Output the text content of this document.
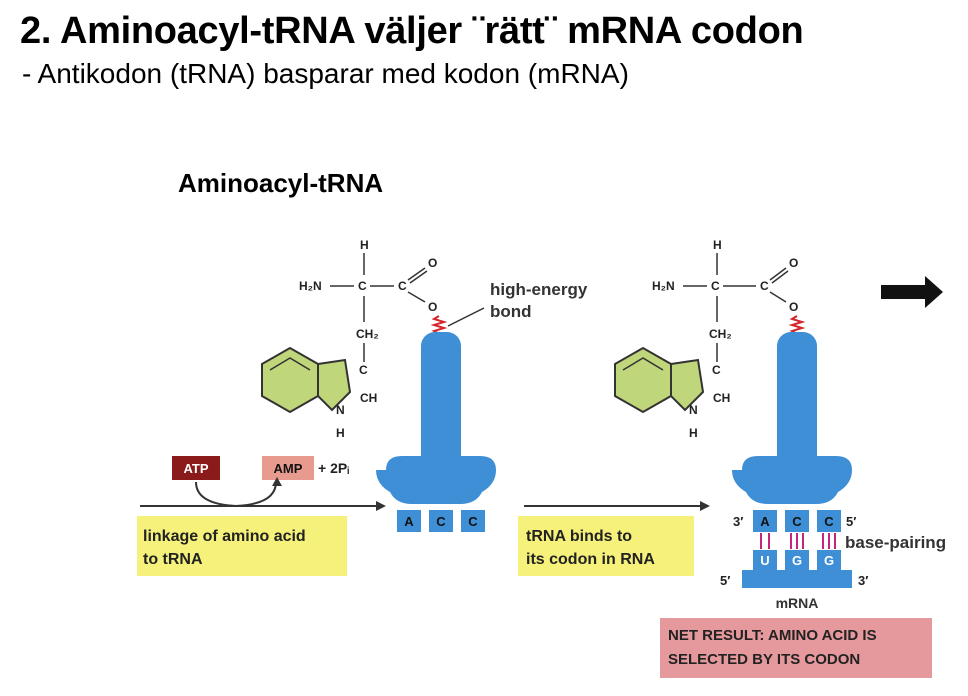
2. Aminoacyl-tRNA väljer ¨rätt¨ mRNA codon
- Antikodon (tRNA) basparar med kodon (mRNA)
Aminoacyl-tRNA
H
H₂N	C	C
O
O
CH₂
C
CH
N
H
high-energy
bond
A C C
ATP	AMP + 2Pᵢ
linkage of amino acid
to tRNA
tRNA binds to
its codon in RNA
H
H₂N	C	C
O
O
CH₂
C
CH
N
H
A C C
U G G
3′	5′
5′	3′
base-pairing
mRNA
NET RESULT: AMINO ACID IS
SELECTED BY ITS CODON
